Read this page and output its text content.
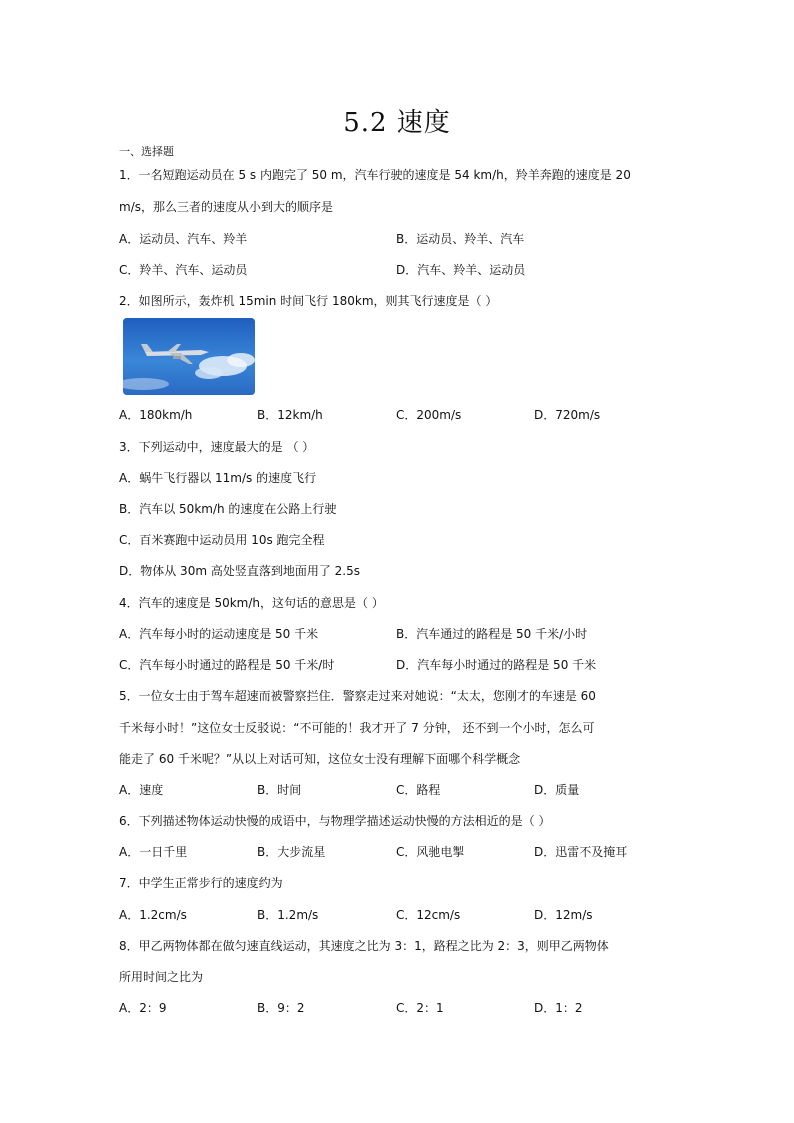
5.2 速度
一、选择题
1．一名短跑运动员在 5 s 内跑完了 50 m，汽车行驶的速度是 54 km/h，羚羊奔跑的速度是 20
m/s，那么三者的速度从小到大的顺序是
A．运动员、汽车、羚羊	B．运动员、羚羊、汽车
C．羚羊、汽车、运动员	D．汽车、羚羊、运动员
2．如图所示，轰炸机 15min 时间飞行 180km，则其飞行速度是（ ）
A．180km/h	B．12km/h	C．200m/s	D．720m/s
3．下列运动中，速度最大的是 （ ）
A．蜗牛飞行器以 11m/s 的速度飞行
B．汽车以 50km/h 的速度在公路上行驶
C．百米赛跑中运动员用 10s 跑完全程
D．物体从 30m 高处竖直落到地面用了 2.5s
4．汽车的速度是 50km/h，这句话的意思是（ ）
A．汽车每小时的运动速度是 50 千米	B．汽车通过的路程是 50 千米/小时
C．汽车每小时通过的路程是 50 千米/时	D．汽车每小时通过的路程是 50 千米
5．一位女士由于驾车超速而被警察拦住．警察走过来对她说：“太太，您刚才的车速是 60
千米每小时！”这位女士反驳说：“不可能的！我才开了 7 分钟， 还不到一个小时，怎么可
能走了 60 千米呢？”从以上对话可知，这位女士没有理解下面哪个科学概念
A．速度	B．时间	C．路程	D．质量
6．下列描述物体运动快慢的成语中，与物理学描述运动快慢的方法相近的是（ ）
A．一日千里	B．大步流星	C．风驰电掣	D．迅雷不及掩耳
7．中学生正常步行的速度约为
A．1.2cm/s	B．1.2m/s	C．12cm/s	D．12m/s
8．甲乙两物体都在做匀速直线运动，其速度之比为 3：1，路程之比为 2：3，则甲乙两物体
所用时间之比为
A．2：9	B．9：2	C．2：1	D．1：2
